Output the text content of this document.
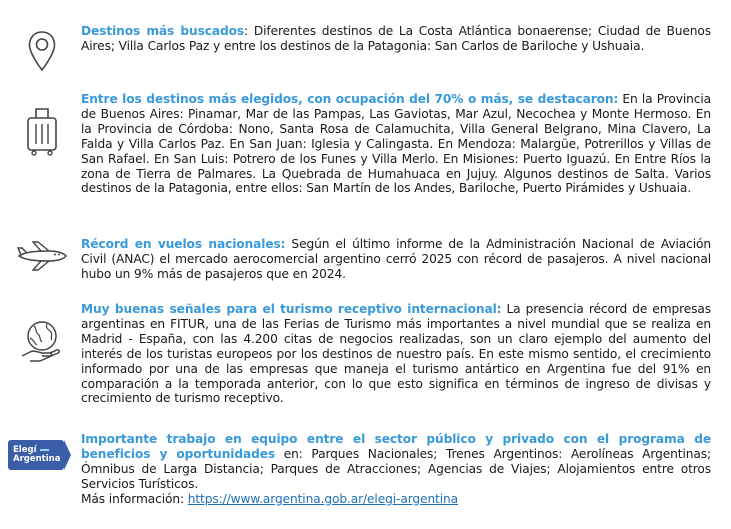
Destinos más buscados: Diferentes destinos de La Costa Atlántica bonaerense; Ciudad de Buenos Aires; Villa Carlos Paz y entre los destinos de la Patagonia: San Carlos de Bariloche y Ushuaia.
Entre los destinos más elegidos, con ocupación del 70% o más, se destacaron: En la Provincia de Buenos Aires: Pinamar, Mar de las Pampas, Las Gaviotas, Mar Azul, Necochea y Monte Hermoso. En la Provincia de Córdoba: Nono, Santa Rosa de Calamuchita, Villa General Belgrano, Mina Clavero, La Falda y Villa Carlos Paz. En San Juan: Iglesia y Calingasta. En Mendoza: Malargüe, Potrerillos y Villas de San Rafael. En San Luis: Potrero de los Funes y Villa Merlo. En Misiones: Puerto Iguazú. En Entre Ríos la zona de Tierra de Palmares. La Quebrada de Humahuaca en Jujuy. Algunos destinos de Salta. Varios destinos de la Patagonia, entre ellos: San Martín de los Andes, Bariloche, Puerto Pirámides y Ushuaia.
Récord en vuelos nacionales: Según el último informe de la Administración Nacional de Aviación Civil (ANAC) el mercado aerocomercial argentino cerró 2025 con récord de pasajeros. A nivel nacional hubo un 9% más de pasajeros que en 2024.
Muy buenas señales para el turismo receptivo internacional: La presencia récord de empresas argentinas en FITUR, una de las Ferias de Turismo más importantes a nivel mundial que se realiza en Madrid - España, con las 4.200 citas de negocios realizadas, son un claro ejemplo del aumento del interés de los turistas europeos por los destinos de nuestro país. En este mismo sentido, el crecimiento informado por una de las empresas que maneja el turismo antártico en Argentina fue del 91% en comparación a la temporada anterior, con lo que esto significa en términos de ingreso de divisas y crecimiento de turismo receptivo.
Elegí
Argentina
Importante trabajo en equipo entre el sector público y privado con el programa de beneficios y oportunidades en: Parques Nacionales; Trenes Argentinos: Aerolíneas Argentinas; Ómnibus de Larga Distancia; Parques de Atracciones; Agencias de Viajes; Alojamientos entre otros Servicios Turísticos.
Más información: https://www.argentina.gob.ar/elegi-argentina
